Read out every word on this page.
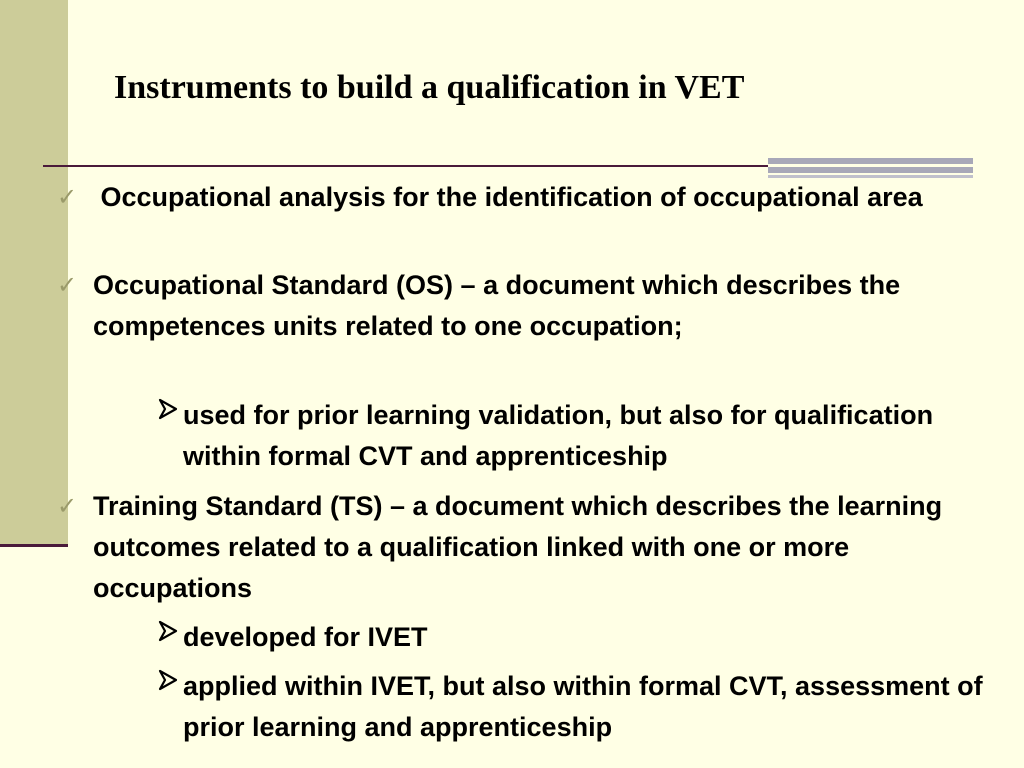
Instruments to build a qualification in VET
✓ Occupational analysis for the identification of occupational area
✓ Occupational Standard (OS) – a document which describes the competences units related to one occupation;
used for prior learning validation, but also for qualification within formal CVT and apprenticeship
✓ Training Standard (TS) – a document which describes the learning outcomes related to a qualification linked with one or more occupations
developed for IVET
applied within IVET, but also within formal CVT, assessment of prior learning and apprenticeship
